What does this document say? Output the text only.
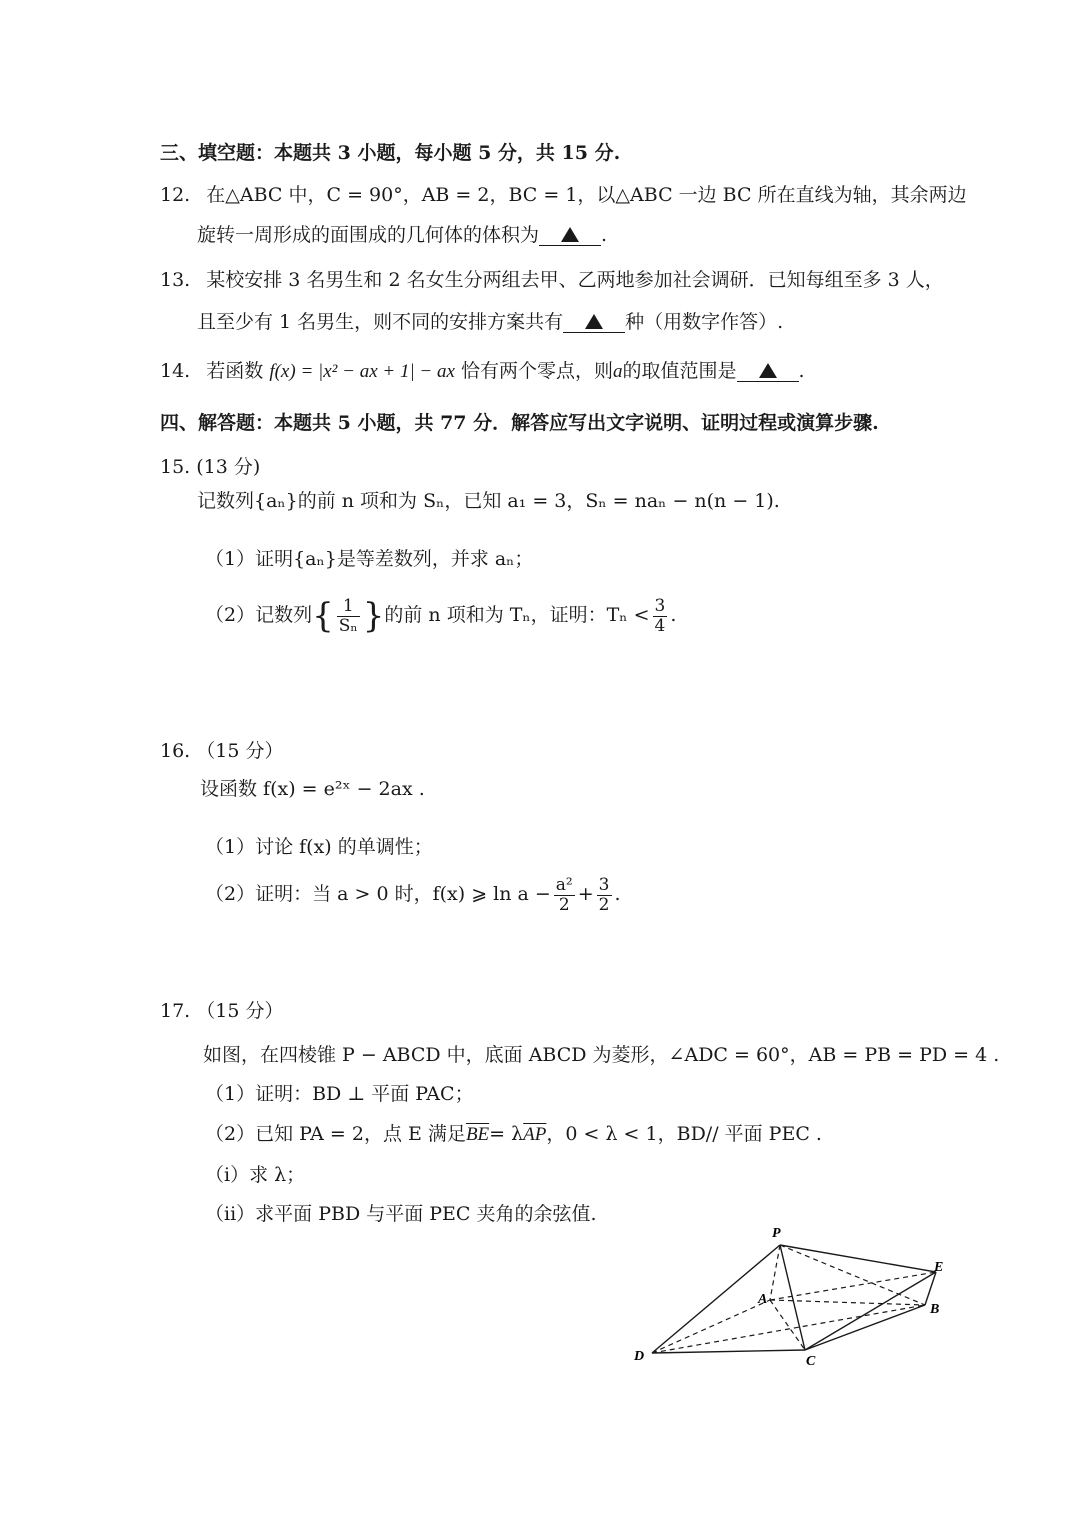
三、填空题：本题共 3 小题，每小题 5 分，共 15 分.
12. 在△ABC 中，C = 90°，AB = 2，BC = 1，以△ABC 一边 BC 所在直线为轴，其余两边
旋转一周形成的面围成的几何体的体积为	.
13. 某校安排 3 名男生和 2 名女生分两组去甲、乙两地参加社会调研．已知每组至多 3 人，
且至少有 1 名男生，则不同的安排方案共有	种（用数字作答）.
14. 若函数 f(x) = |x² − ax + 1| − ax 恰有两个零点，则a的取值范围是	.
四、解答题：本题共 5 小题，共 77 分．解答应写出文字说明、证明过程或演算步骤.
15. (13 分)
记数列{aₙ}的前 n 项和为 Sₙ，已知 a₁ = 3，Sₙ = naₙ − n(n − 1).
（1）证明{aₙ}是等差数列，并求 aₙ；
（2）记数列{ $\frac{1}{\text{Sₙ}}$ }的前 n 项和为 Tₙ，证明：$T_n < \frac{3}{4}$ .
16. （15 分）
设函数 f(x) = e²ˣ − 2ax .
（1）讨论 f(x) 的单调性；
（2）证明：当 a > 0 时，f(x) ⩾ $\ln a - \frac{\text{a²}}{2} + \frac{3}{2}$ .
17. （15 分）
如图，在四棱锥 P − ABCD 中，底面 ABCD 为菱形，∠ADC = 60°，AB = PB = PD = 4 .
（1）证明：BD ⊥ 平面 PAC；
（2）已知 PA = 2，点 E 满足$\overline{BE}= \lambda\overline{AP}$，0 < λ < 1，BD// 平面 PEC .
（i）求 λ；
（ii）求平面 PBD 与平面 PEC 夹角的余弦值.
P
A
B
C
D
E
